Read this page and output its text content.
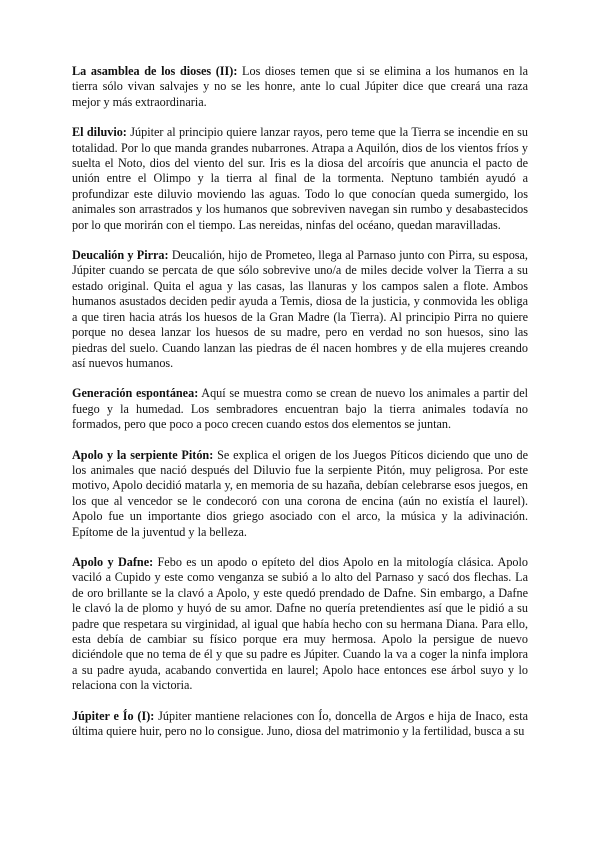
La asamblea de los dioses (II): Los dioses temen que si se elimina a los humanos en la tierra sólo vivan salvajes y no se les honre, ante lo cual Júpiter dice que creará una raza mejor y más extraordinaria.

El diluvio: Júpiter al principio quiere lanzar rayos, pero teme que la Tierra se incendie en su totalidad. Por lo que manda grandes nubarrones. Atrapa a Aquilón, dios de los vientos fríos y suelta el Noto, dios del viento del sur. Iris es la diosa del arcoíris que anuncia el pacto de unión entre el Olimpo y la tierra al final de la tormenta. Neptuno también ayudó a profundizar este diluvio moviendo las aguas. Todo lo que conocían queda sumergido, los animales son arrastrados y los humanos que sobreviven navegan sin rumbo y desabastecidos por lo que morirán con el tiempo. Las nereidas, ninfas del océano, quedan maravilladas.

Deucalión y Pirra: Deucalión, hijo de Prometeo, llega al Parnaso junto con Pirra, su esposa, Júpiter cuando se percata de que sólo sobrevive uno/a de miles decide volver la Tierra a su estado original. Quita el agua y las casas, las llanuras y los campos salen a flote. Ambos humanos asustados deciden pedir ayuda a Temis, diosa de la justicia, y conmovida les obliga a que tiren hacia atrás los huesos de la Gran Madre (la Tierra). Al principio Pirra no quiere porque no desea lanzar los huesos de su madre, pero en verdad no son huesos, sino las piedras del suelo. Cuando lanzan las piedras de él nacen hombres y de ella mujeres creando así nuevos humanos.

Generación espontánea: Aquí se muestra como se crean de nuevo los animales a partir del fuego y la humedad. Los sembradores encuentran bajo la tierra animales todavía no formados, pero que poco a poco crecen cuando estos dos elementos se juntan.

Apolo y la serpiente Pitón: Se explica el origen de los Juegos Píticos diciendo que uno de los animales que nació después del Diluvio fue la serpiente Pitón, muy peligrosa. Por este motivo, Apolo decidió matarla y, en memoria de su hazaña, debían celebrarse esos juegos, en los que al vencedor se le condecoró con una corona de encina (aún no existía el laurel). Apolo fue un importante dios griego asociado con el arco, la música y la adivinación. Epítome de la juventud y la belleza.

Apolo y Dafne: Febo es un apodo o epíteto del dios Apolo en la mitología clásica. Apolo vaciló a Cupido y este como venganza se subió a lo alto del Parnaso y sacó dos flechas. La de oro brillante se la clavó a Apolo, y este quedó prendado de Dafne. Sin embargo, a Dafne le clavó la de plomo y huyó de su amor. Dafne no quería pretendientes así que le pidió a su padre que respetara su virginidad, al igual que había hecho con su hermana Diana. Para ello, esta debía de cambiar su físico porque era muy hermosa. Apolo la persigue de nuevo diciéndole que no tema de él y que su padre es Júpiter. Cuando la va a coger la ninfa implora a su padre ayuda, acabando convertida en laurel; Apolo hace entonces ese árbol suyo y lo relaciona con la victoria.

Júpiter e Ío (I): Júpiter mantiene relaciones con Ío, doncella de Argos e hija de Inaco, esta última quiere huir, pero no lo consigue. Juno, diosa del matrimonio y la fertilidad, busca a su
